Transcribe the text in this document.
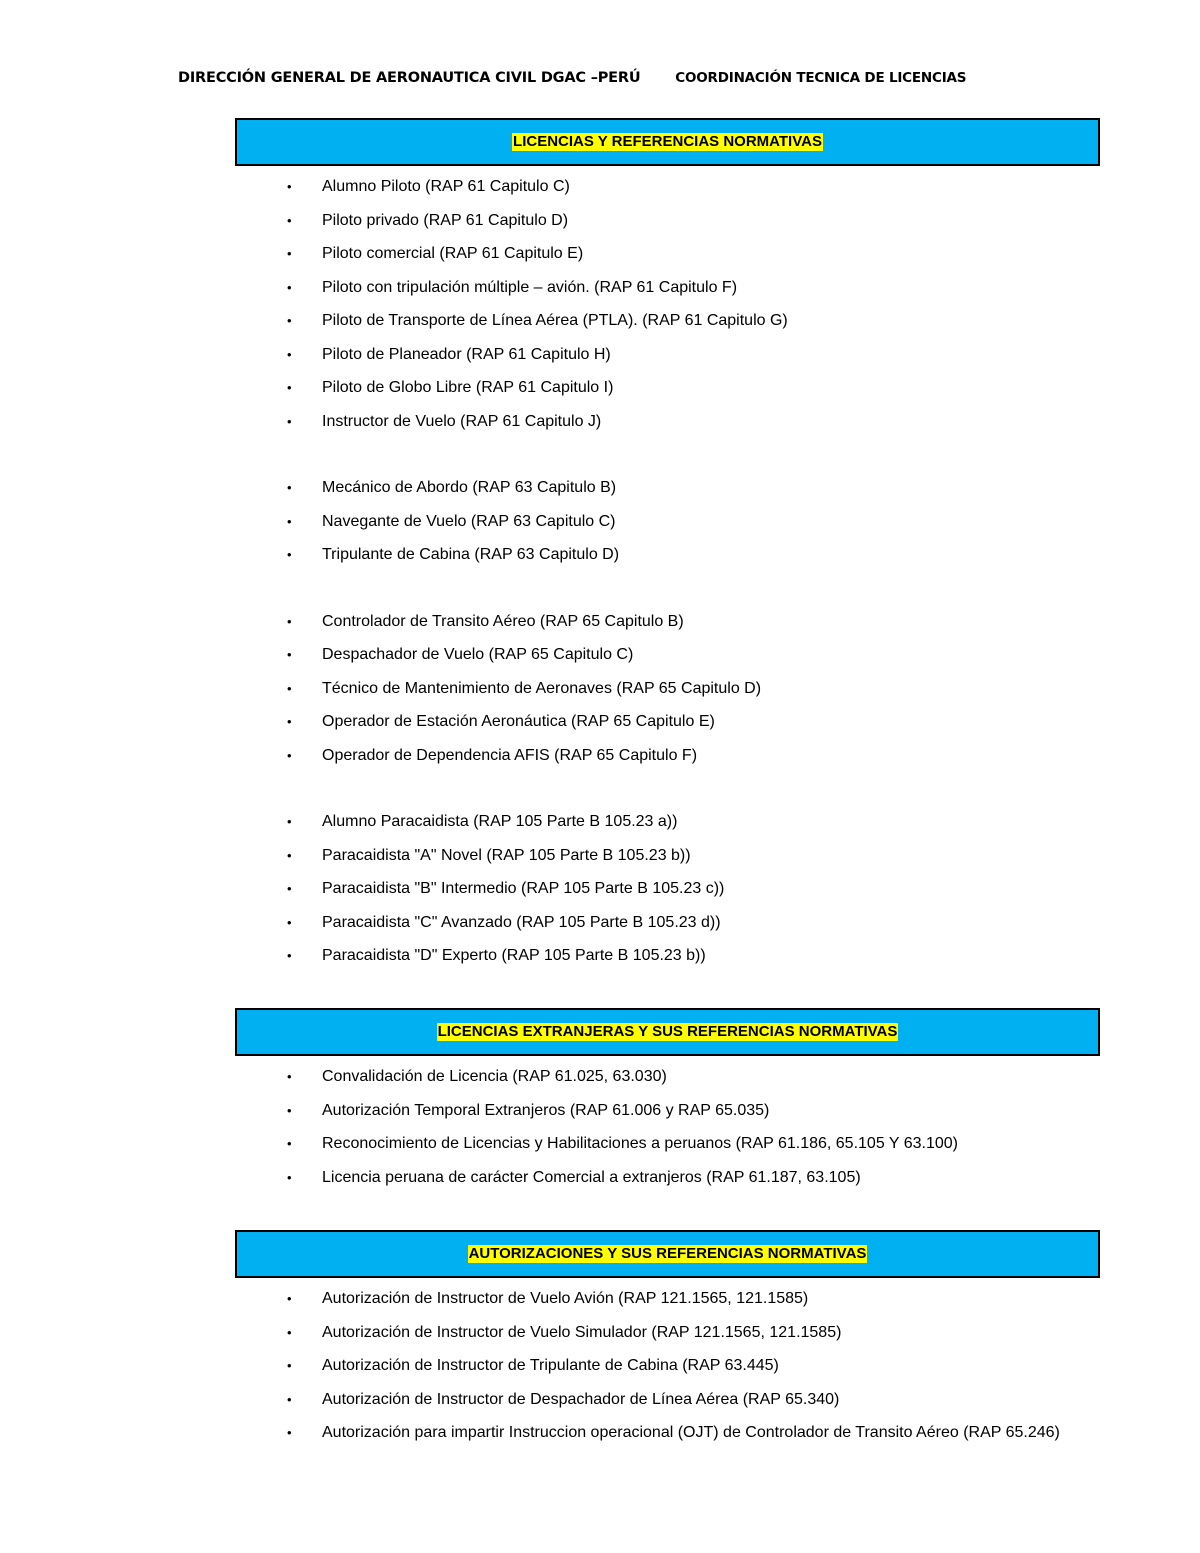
DIRECCIÓN GENERAL DE AERONAUTICA CIVIL DGAC –PERÚ	COORDINACIÓN TECNICA DE LICENCIAS
LICENCIAS Y REFERENCIAS NORMATIVAS
• Alumno Piloto (RAP 61 Capitulo C)
• Piloto privado (RAP 61 Capitulo D)
• Piloto comercial (RAP 61 Capitulo E)
• Piloto con tripulación múltiple – avión. (RAP 61 Capitulo F)
• Piloto de Transporte de Línea Aérea (PTLA). (RAP 61 Capitulo G)
• Piloto de Planeador (RAP 61 Capitulo H)
• Piloto de Globo Libre (RAP 61 Capitulo I)
• Instructor de Vuelo (RAP 61 Capitulo J)
• Mecánico de Abordo (RAP 63 Capitulo B)
• Navegante de Vuelo (RAP 63 Capitulo C)
• Tripulante de Cabina (RAP 63 Capitulo D)
• Controlador de Transito Aéreo (RAP 65 Capitulo B)
• Despachador de Vuelo (RAP 65 Capitulo C)
• Técnico de Mantenimiento de Aeronaves (RAP 65 Capitulo D)
• Operador de Estación Aeronáutica (RAP 65 Capitulo E)
• Operador de Dependencia AFIS (RAP 65 Capitulo F)
• Alumno Paracaidista (RAP 105 Parte B 105.23 a))
• Paracaidista "A" Novel (RAP 105 Parte B 105.23 b))
• Paracaidista "B" Intermedio (RAP 105 Parte B 105.23 c))
• Paracaidista "C" Avanzado (RAP 105 Parte B 105.23 d))
• Paracaidista "D" Experto (RAP 105 Parte B 105.23 b))
LICENCIAS EXTRANJERAS Y SUS REFERENCIAS NORMATIVAS
• Convalidación de Licencia (RAP 61.025, 63.030)
• Autorización Temporal Extranjeros (RAP 61.006 y RAP 65.035)
• Reconocimiento de Licencias y Habilitaciones a peruanos (RAP 61.186, 65.105 Y 63.100)
• Licencia peruana de carácter Comercial a extranjeros (RAP 61.187, 63.105)
AUTORIZACIONES Y SUS REFERENCIAS NORMATIVAS
• Autorización de Instructor de Vuelo Avión (RAP 121.1565, 121.1585)
• Autorización de Instructor de Vuelo Simulador (RAP 121.1565, 121.1585)
• Autorización de Instructor de Tripulante de Cabina (RAP 63.445)
• Autorización de Instructor de Despachador de Línea Aérea (RAP 65.340)
• Autorización para impartir Instruccion operacional (OJT) de Controlador de Transito Aéreo (RAP 65.246)
